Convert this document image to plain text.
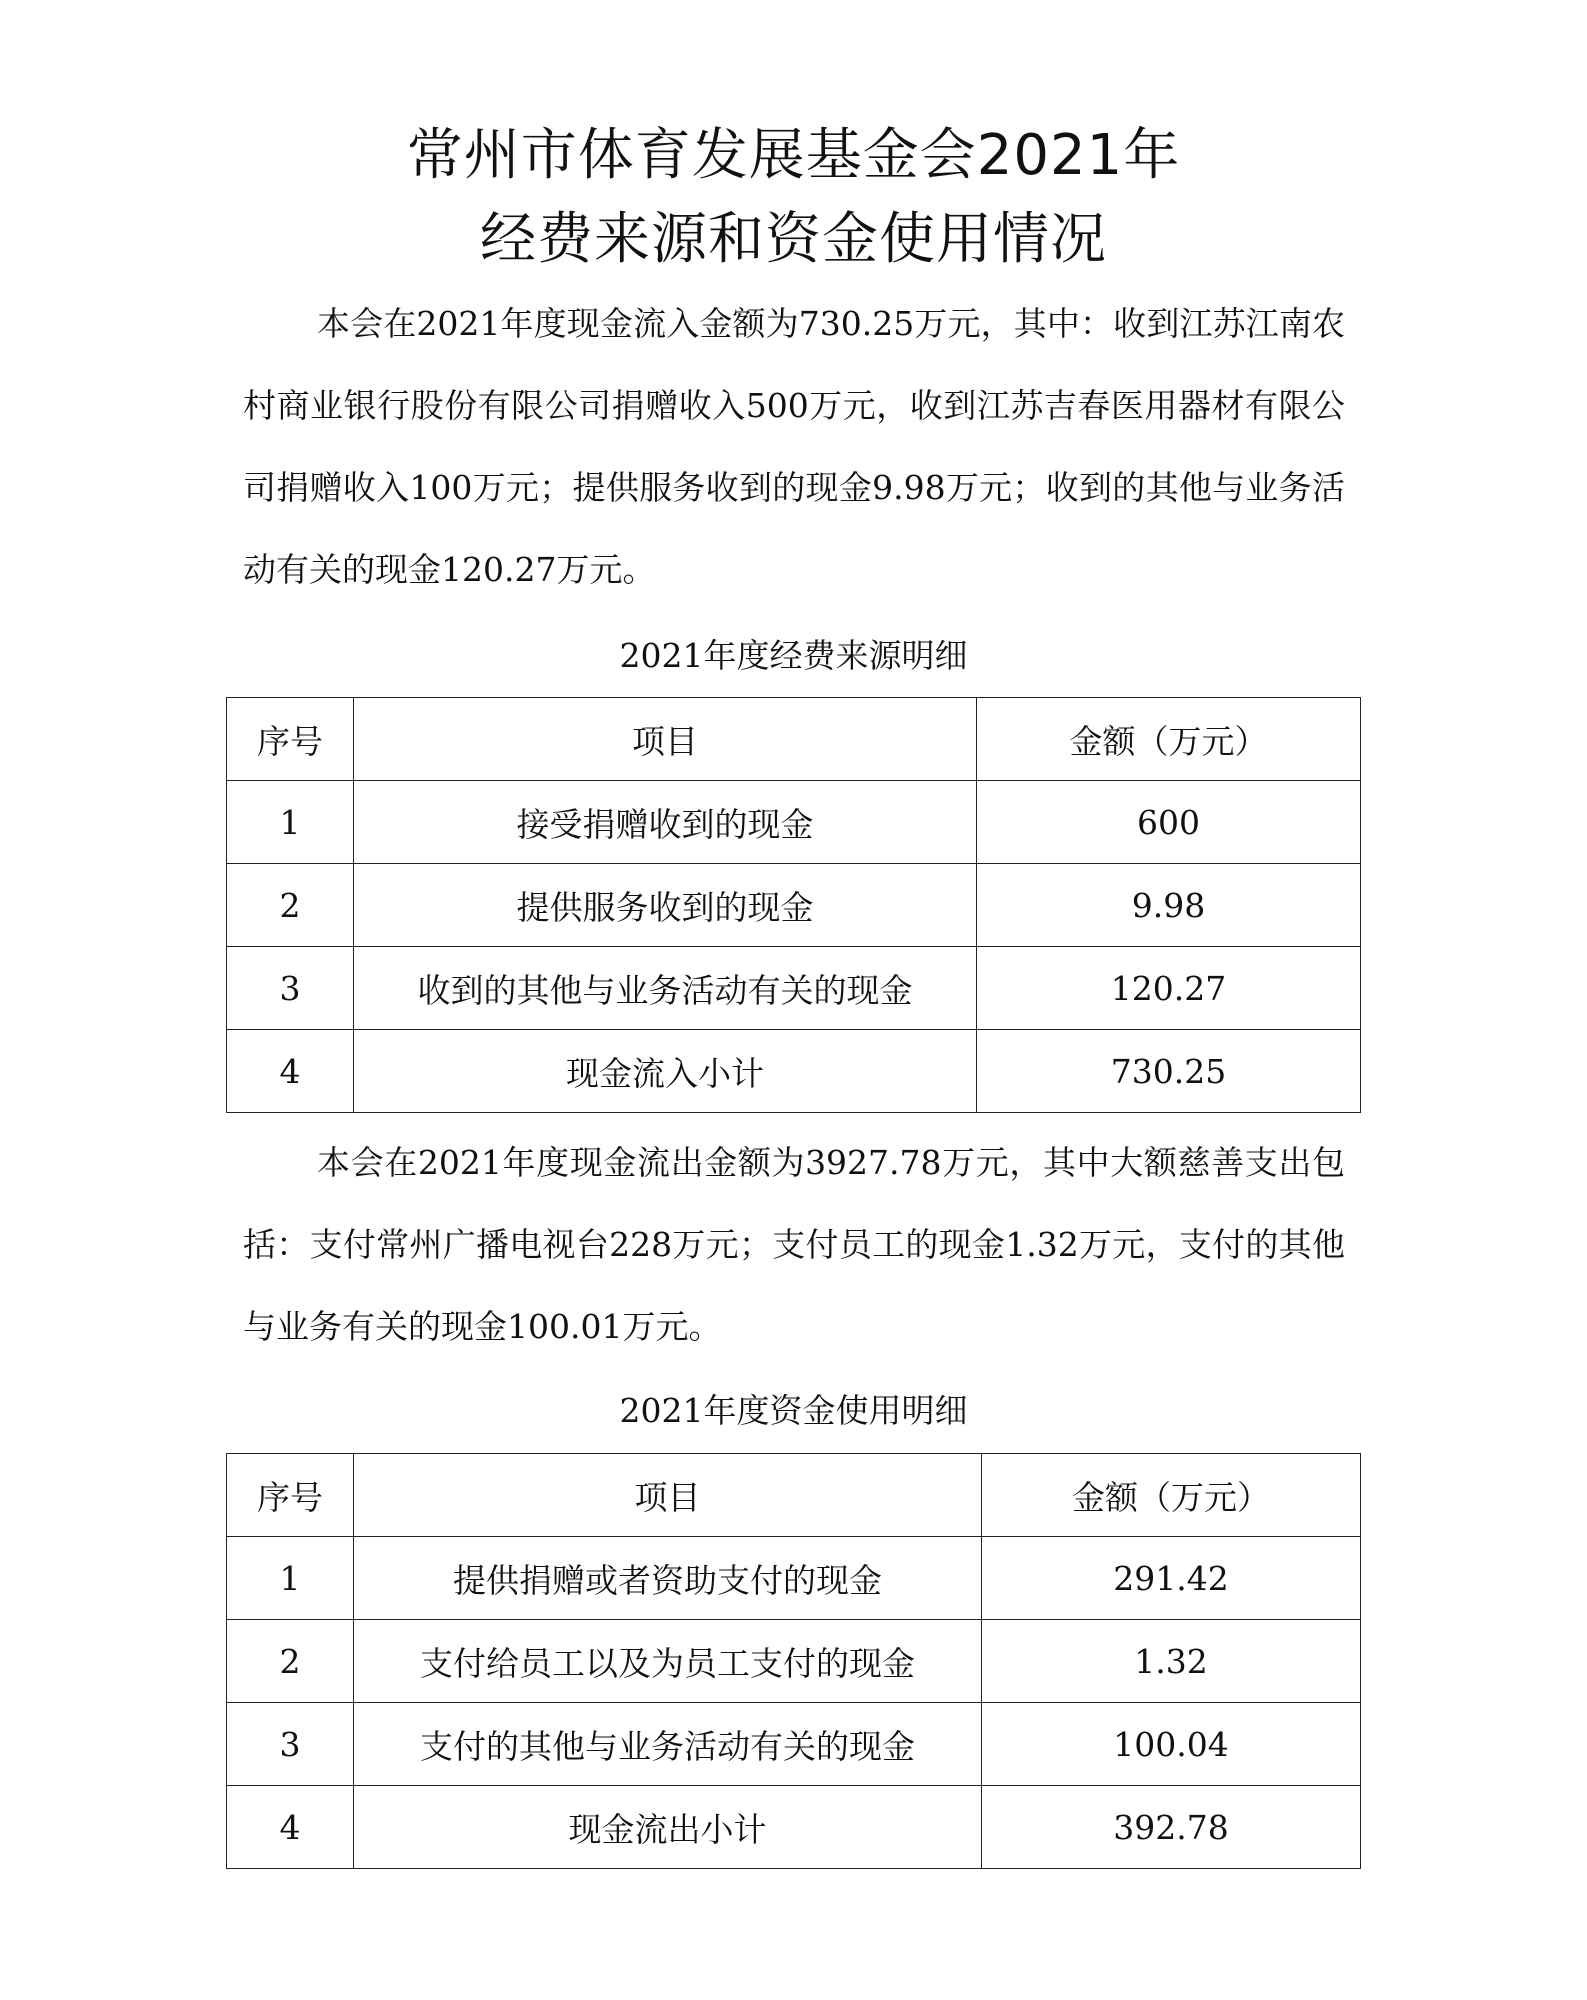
常州市体育发展基金会2021年
经费来源和资金使用情况

本会在2021年度现金流入金额为730.25万元，其中：收到江苏江南农村商业银行股份有限公司捐赠收入500万元，收到江苏吉春医用器材有限公司捐赠收入100万元；提供服务收到的现金9.98万元；收到的其他与业务活动有关的现金120.27万元。

2021年度经费来源明细
序号	项目	金额（万元）
1	接受捐赠收到的现金	600
2	提供服务收到的现金	9.98
3	收到的其他与业务活动有关的现金	120.27
4	现金流入小计	730.25

本会在2021年度现金流出金额为3927.78万元，其中大额慈善支出包括：支付常州广播电视台228万元；支付员工的现金1.32万元，支付的其他与业务有关的现金100.01万元。

2021年度资金使用明细
序号	项目	金额（万元）
1	提供捐赠或者资助支付的现金	291.42
2	支付给员工以及为员工支付的现金	1.32
3	支付的其他与业务活动有关的现金	100.04
4	现金流出小计	392.78
